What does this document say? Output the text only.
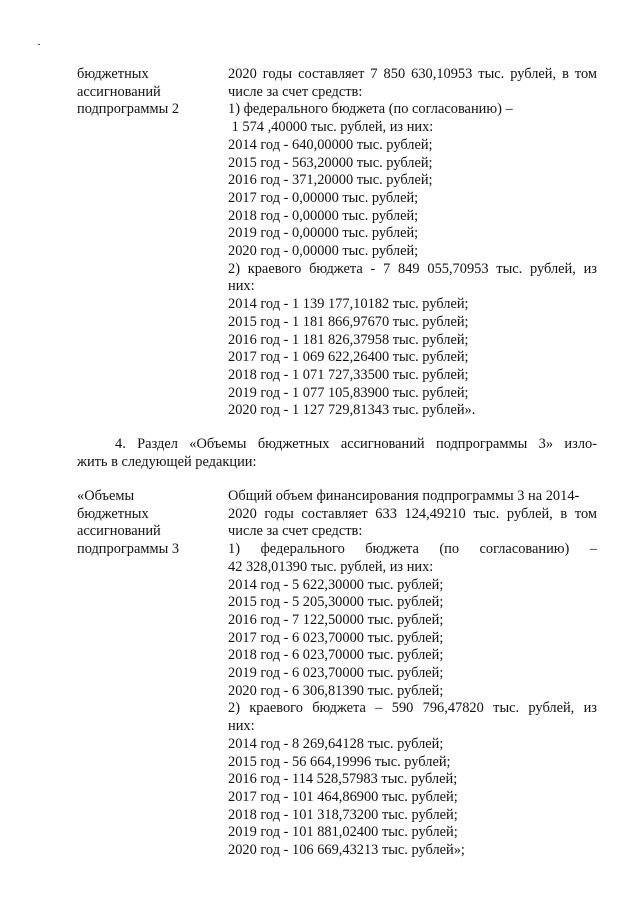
бюджетных
ассигнований
подпрограммы 2
2020 годы составляет 7 850 630,10953 тыс. рублей, в том
числе за счет средств:
1) федерального бюджета (по согласованию) –
1 574 ,40000 тыс. рублей, из них:
2014 год - 640,00000 тыс. рублей;
2015 год - 563,20000 тыс. рублей;
2016 год - 371,20000 тыс. рублей;
2017 год - 0,00000 тыс. рублей;
2018 год - 0,00000 тыс. рублей;
2019 год - 0,00000 тыс. рублей;
2020 год - 0,00000 тыс. рублей;
2) краевого бюджета - 7 849 055,70953 тыс. рублей, из
них:
2014 год - 1 139 177,10182 тыс. рублей;
2015 год - 1 181 866,97670 тыс. рублей;
2016 год - 1 181 826,37958 тыс. рублей;
2017 год - 1 069 622,26400 тыс. рублей;
2018 год - 1 071 727,33500 тыс. рублей;
2019 год - 1 077 105,83900 тыс. рублей;
2020 год - 1 127 729,81343 тыс. рублей».
4. Раздел «Объемы бюджетных ассигнований подпрограммы 3» изло-
жить в следующей редакции:
«Объемы
бюджетных
ассигнований
подпрограммы 3
Общий объем финансирования подпрограммы 3 на 2014-
2020 годы составляет 633 124,49210 тыс. рублей, в том
числе за счет средств:
1) федерального бюджета (по согласованию) –
42 328,01390 тыс. рублей, из них:
2014 год - 5 622,30000 тыс. рублей;
2015 год - 5 205,30000 тыс. рублей;
2016 год - 7 122,50000 тыс. рублей;
2017 год - 6 023,70000 тыс. рублей;
2018 год - 6 023,70000 тыс. рублей;
2019 год - 6 023,70000 тыс. рублей;
2020 год - 6 306,81390 тыс. рублей;
2) краевого бюджета – 590 796,47820 тыс. рублей, из
них:
2014 год - 8 269,64128 тыс. рублей;
2015 год - 56 664,19996 тыс. рублей;
2016 год - 114 528,57983 тыс. рублей;
2017 год - 101 464,86900 тыс. рублей;
2018 год - 101 318,73200 тыс. рублей;
2019 год - 101 881,02400 тыс. рублей;
2020 год - 106 669,43213 тыс. рублей»;
